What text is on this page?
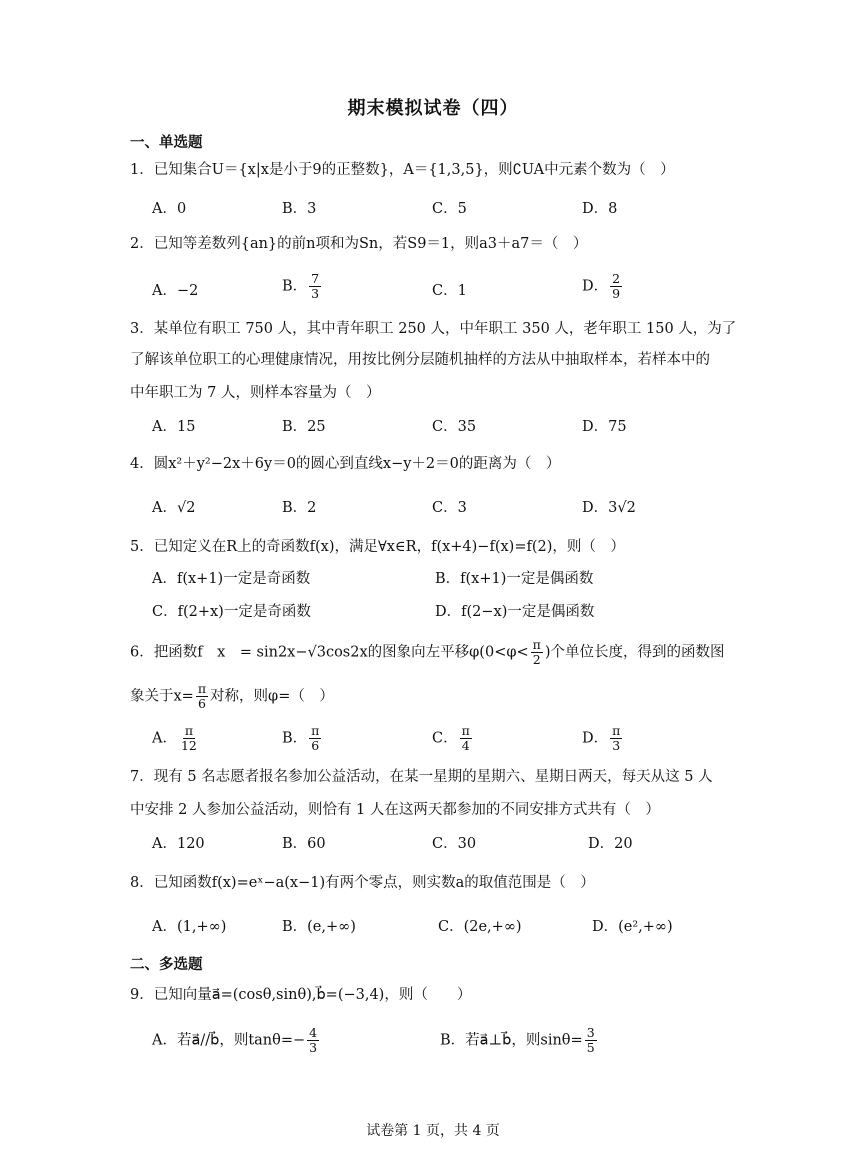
期末模拟试卷（四）
一、单选题
1．已知集合U＝{x|x是小于9的正整数}，A＝{1,3,5}，则∁UA中元素个数为（　）
A．0	B．3	C．5	D．8
2．已知等差数列{an}的前n项和为Sn，若S9＝1，则a3＋a7＝（　）
A．−2	B． $\frac{7}{3}$	C．1	D． $\frac{2}{9}$
3．某单位有职工 750 人，其中青年职工 250 人，中年职工 350 人，老年职工 150 人，为了
了解该单位职工的心理健康情况，用按比例分层随机抽样的方法从中抽取样本，若样本中的
中年职工为 7 人，则样本容量为（　）
A．15	B．25	C．35	D．75
4．圆x²＋y²−2x＋6y＝0的圆心到直线x−y＋2＝0的距离为（　）
A．√2	B．2	C．3	D．3√2
5．已知定义在R上的奇函数f(x)，满足∀x∈R，f(x+4)−f(x)=f(2)，则（　）
A．f(x+1)一定是奇函数	B．f(x+1)一定是偶函数
C．f(2+x)一定是奇函数	D．f(2−x)一定是偶函数
6．把函数f　x　= sin2x−√3cos2x的图象向左平移$\varphi(0<\varphi< \frac{\pi}{2}$ )个单位长度，得到的函数图
象关于$x= \frac{\pi}{6}$ 对称，则φ=（　）
A． $\frac{\pi}{12}$	B． $\frac{\pi}{6}$	C． $\frac{\pi}{4}$	D． $\frac{\pi}{3}$
7．现有 5 名志愿者报名参加公益活动，在某一星期的星期六、星期日两天，每天从这 5 人
中安排 2 人参加公益活动，则恰有 1 人在这两天都参加的不同安排方式共有（　）
A．120	B．60	C．30	D．20
8．已知函数f(x)=eˣ−a(x−1)有两个零点，则实数a的取值范围是（　）
A．(1,+∞)	B．(e,+∞)	C．(2e,+∞)	D．(e²,+∞)
二、多选题
9．已知向量a⃗=(cosθ,sinθ),b⃗=(−3,4)，则（　　）
A．若a⃗//b⃗，则$\tan\theta=- \frac{4}{3}$	B．若a⃗⊥b⃗，则$\sin\theta= \frac{3}{5}$
试卷第 1 页，共 4 页
